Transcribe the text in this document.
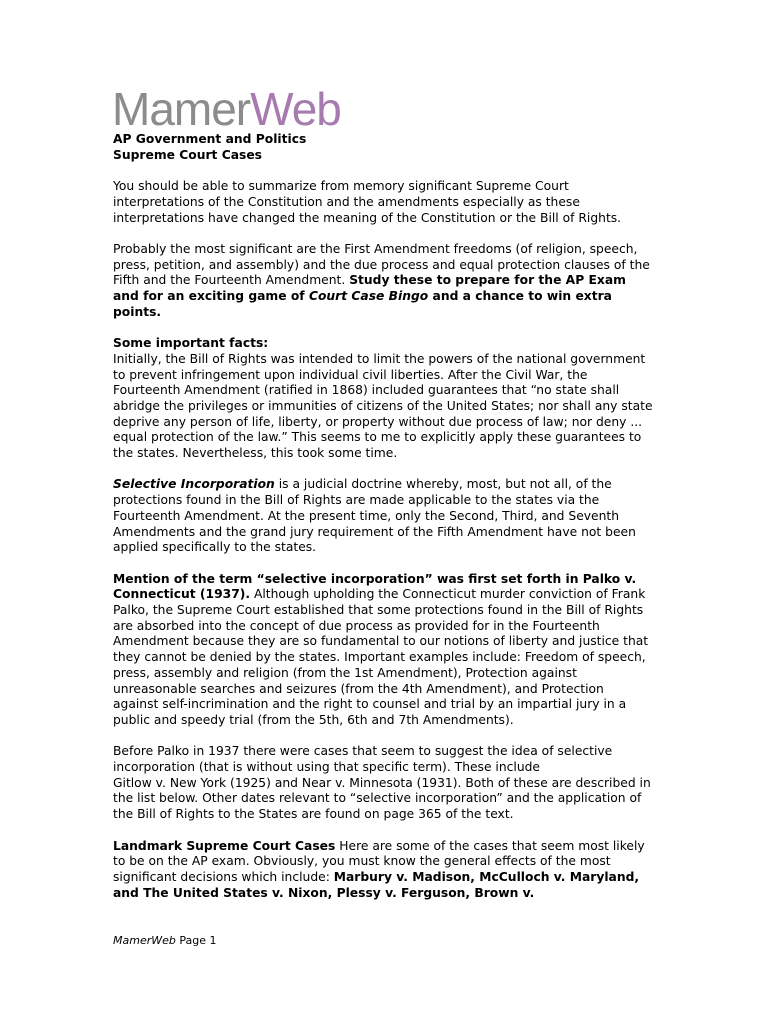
MamerWeb
AP Government and Politics
Supreme Court Cases

You should be able to summarize from memory significant Supreme Court interpretations of the Constitution and the amendments especially as these interpretations have changed the meaning of the Constitution or the Bill of Rights.

Probably the most significant are the First Amendment freedoms (of religion, speech, press, petition, and assembly) and the due process and equal protection clauses of the Fifth and the Fourteenth Amendment. Study these to prepare for the AP Exam and for an exciting game of Court Case Bingo and a chance to win extra points.

Some important facts:
Initially, the Bill of Rights was intended to limit the powers of the national government to prevent infringement upon individual civil liberties. After the Civil War, the Fourteenth Amendment (ratified in 1868) included guarantees that “no state shall abridge the privileges or immunities of citizens of the United States; nor shall any state deprive any person of life, liberty, or property without due process of law; nor deny ... equal protection of the law.” This seems to me to explicitly apply these guarantees to the states. Nevertheless, this took some time.

Selective Incorporation is a judicial doctrine whereby, most, but not all, of the protections found in the Bill of Rights are made applicable to the states via the Fourteenth Amendment. At the present time, only the Second, Third, and Seventh Amendments and the grand jury requirement of the Fifth Amendment have not been applied specifically to the states.

Mention of the term “selective incorporation” was first set forth in Palko v. Connecticut (1937). Although upholding the Connecticut murder conviction of Frank Palko, the Supreme Court established that some protections found in the Bill of Rights are absorbed into the concept of due process as provided for in the Fourteenth Amendment because they are so fundamental to our notions of liberty and justice that they cannot be denied by the states. Important examples include: Freedom of speech, press, assembly and religion (from the 1st Amendment), Protection against unreasonable searches and seizures (from the 4th Amendment), and Protection against self-incrimination and the right to counsel and trial by an impartial jury in a public and speedy trial (from the 5th, 6th and 7th Amendments).

Before Palko in 1937 there were cases that seem to suggest the idea of selective incorporation (that is without using that specific term). These include
Gitlow v. New York (1925) and Near v. Minnesota (1931). Both of these are described in the list below. Other dates relevant to “selective incorporation” and the application of the Bill of Rights to the States are found on page 365 of the text.

Landmark Supreme Court Cases Here are some of the cases that seem most likely to be on the AP exam. Obviously, you must know the general effects of the most significant decisions which include: Marbury v. Madison, McCulloch v. Maryland, and The United States v. Nixon, Plessy v. Ferguson, Brown v.

MamerWeb Page 1
